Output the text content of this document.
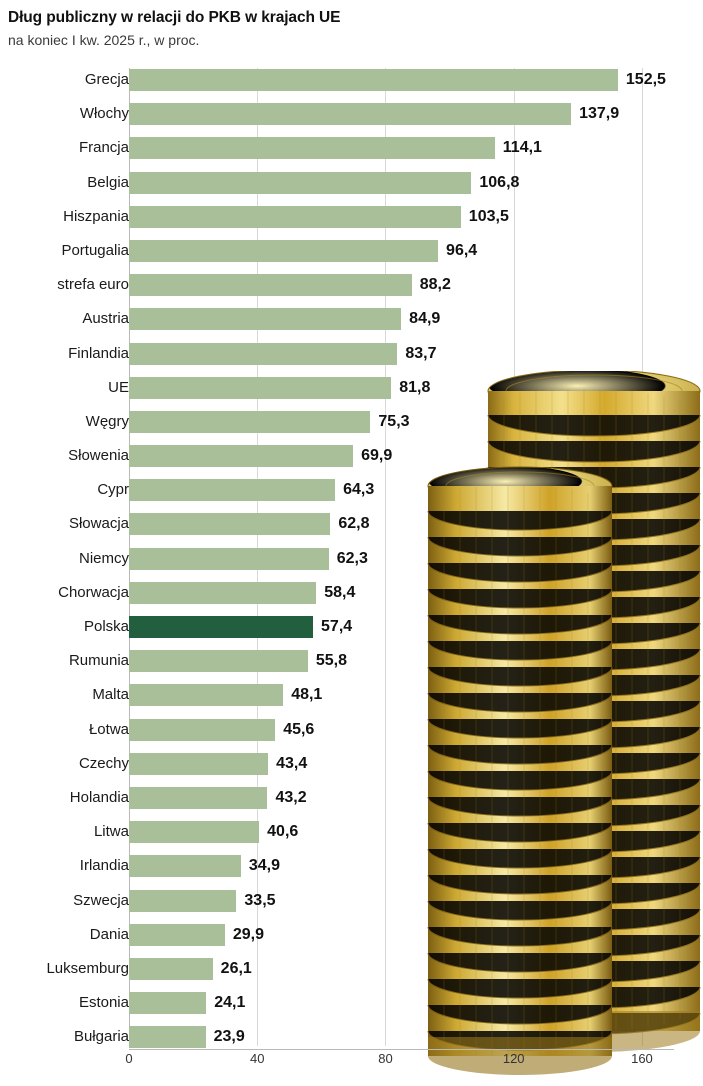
Dług publiczny w relacji do PKB w krajach UE
na koniec I kw. 2025 r., w proc.
Grecja	152,5
Włochy	137,9
Francja	114,1
Belgia	106,8
Hiszpania	103,5
Portugalia	96,4
strefa euro	88,2
Austria	84,9
Finlandia	83,7
UE	81,8
Węgry	75,3
Słowenia	69,9
Cypr	64,3
Słowacja	62,8
Niemcy	62,3
Chorwacja	58,4
Polska	57,4
Rumunia	55,8
Malta	48,1
Łotwa	45,6
Czechy	43,4
Holandia	43,2
Litwa	40,6
Irlandia	34,9
Szwecja	33,5
Dania	29,9
Luksemburg	26,1
Estonia	24,1
Bułgaria	23,9
0	40	80	120	160
